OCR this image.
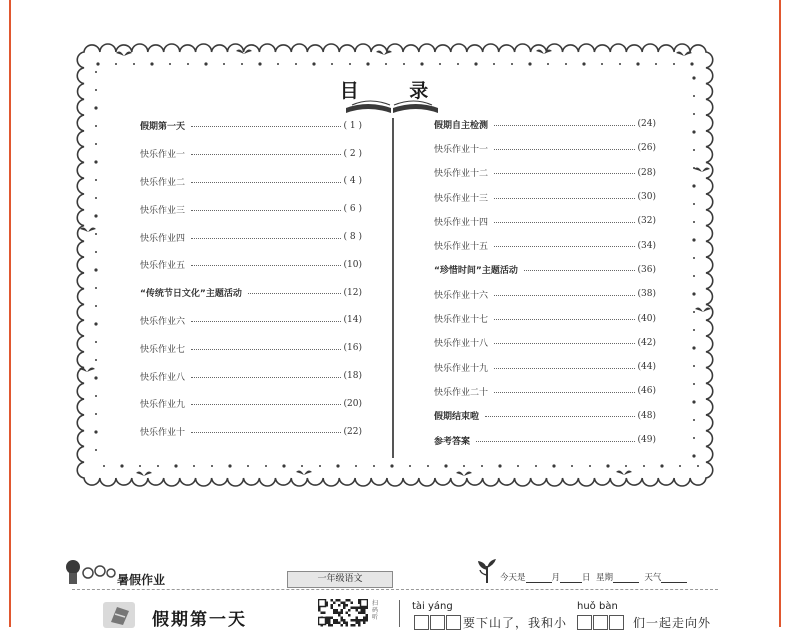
目 录
假期第一天	( 1 )
快乐作业一	( 2 )
快乐作业二	( 4 )
快乐作业三	( 6 )
快乐作业四	( 8 )
快乐作业五	(10)
“传统节日文化”主题活动	(12)
快乐作业六	(14)
快乐作业七	(16)
快乐作业八	(18)
快乐作业九	(20)
快乐作业十	(22)
假期自主检测	(24)
快乐作业十一	(26)
快乐作业十二	(28)
快乐作业十三	(30)
快乐作业十四	(32)
快乐作业十五	(34)
“珍惜时间”主题活动	(36)
快乐作业十六	(38)
快乐作业十七	(40)
快乐作业十八	(42)
快乐作业十九	(44)
快乐作业二十	(46)
假期结束啦	(48)
参考答案	(49)
暑假作业	一年级语文	今天是	月	日 星期	天气
假期第一天
扫码听
tài yáng	huǒ bàn
要下山了，我和小	们一起走向外
